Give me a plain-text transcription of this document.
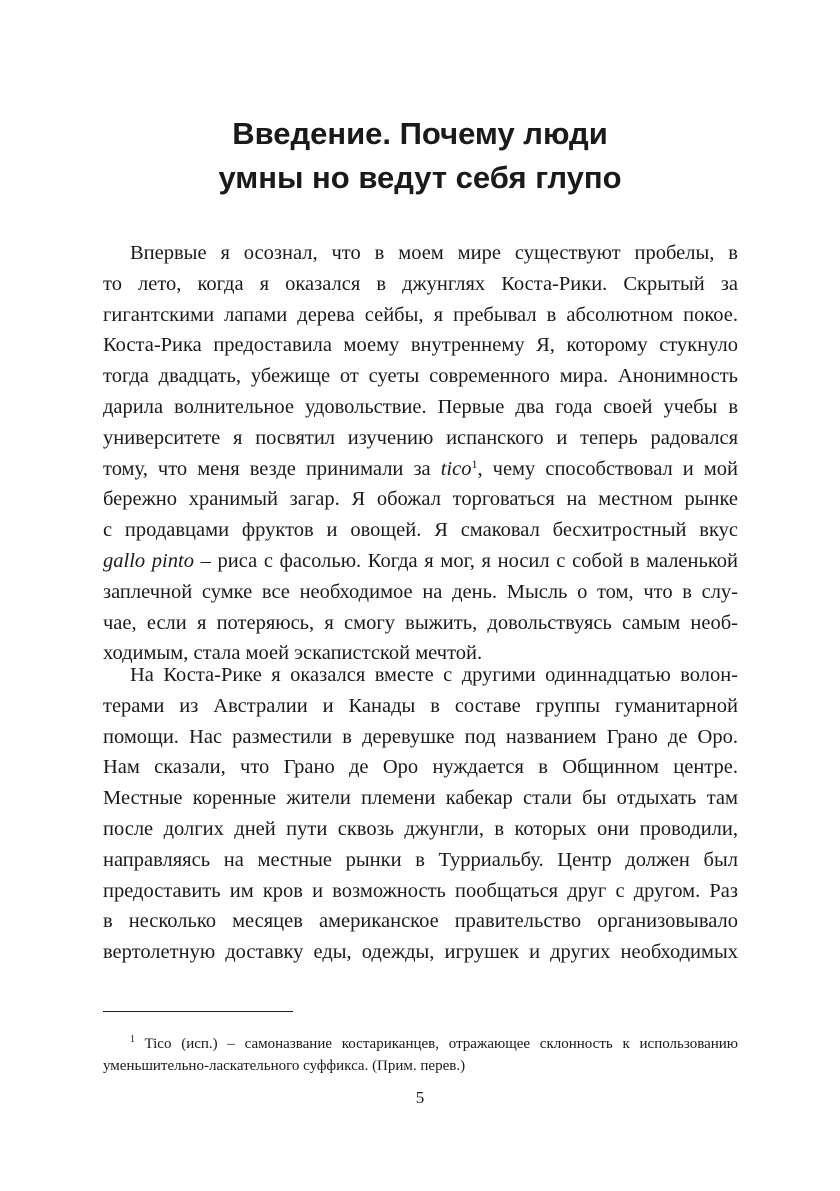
Введение. Почему люди
умны но ведут себя глупо
Впервые я осознал, что в моем мире существуют пробелы, в
то лето, когда я оказался в джунглях Коста-Рики. Скрытый за
гигантскими лапами дерева сейбы, я пребывал в абсолютном покое.
Коста-Рика предоставила моему внутреннему Я, которому стукнуло
тогда двадцать, убежище от суеты современного мира. Анонимность
дарила волнительное удовольствие. Первые два года своей учебы в
университете я посвятил изучению испанского и теперь радовался
тому, что меня везде принимали за tico$^1$, чему способствовал и мой
бережно хранимый загар. Я обожал торговаться на местном рынке
с продавцами фруктов и овощей. Я смаковал бесхитростный вкус
gallo pinto – риса с фасолью. Когда я мог, я носил с собой в маленькой
заплечной сумке все необходимое на день. Мысль о том, что в слу-
чае, если я потеряюсь, я смогу выжить, довольствуясь самым необ-
ходимым, стала моей эскапистской мечтой.
На Коста-Рике я оказался вместе с другими одиннадцатью волон-
терами из Австралии и Канады в составе группы гуманитарной
помощи. Нас разместили в деревушке под названием Грано де Оро.
Нам сказали, что Грано де Оро нуждается в Общинном центре.
Местные коренные жители племени кабекар стали бы отдыхать там
после долгих дней пути сквозь джунгли, в которых они проводили,
направляясь на местные рынки в Турриальбу. Центр должен был
предоставить им кров и возможность пообщаться друг с другом. Раз
в несколько месяцев американское правительство организовывало
вертолетную доставку еды, одежды, игрушек и других необходимых
$^1$ Tico (исп.) – самоназвание костариканцев, отражающее склонность к использованию
уменьшительно-ласкательного суффикса. (Прим. перев.)
5
